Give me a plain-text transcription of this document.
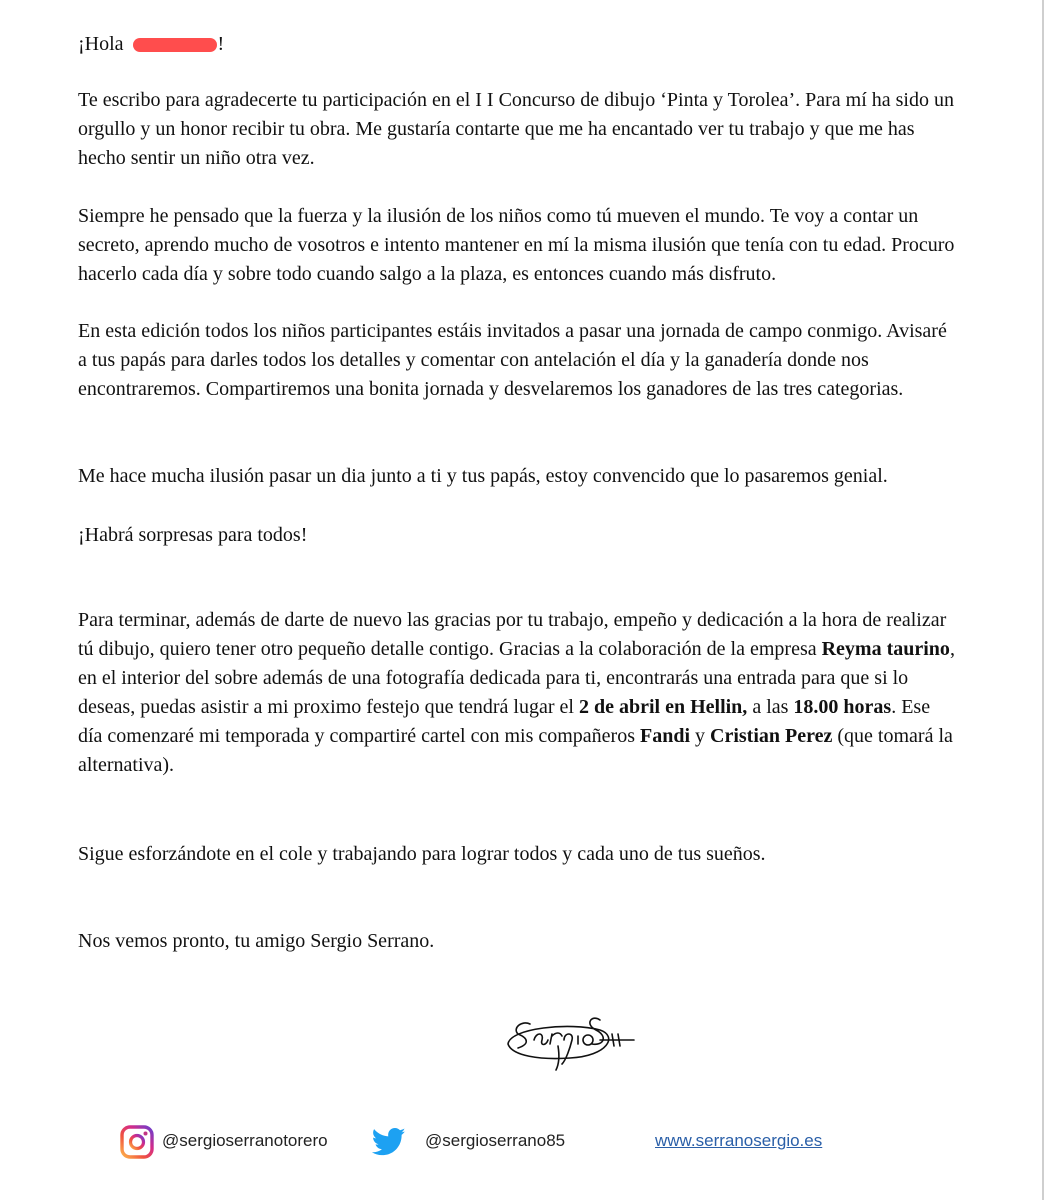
¡Hola	!

Te escribo para agradecerte tu participación en el I I Concurso de dibujo ‘Pinta y Torolea’. Para mí ha sido un orgullo y un honor recibir tu obra. Me gustaría contarte que me ha encantado ver tu trabajo y que me has hecho sentir un niño otra vez.

Siempre he pensado que la fuerza y la ilusión de los niños como tú mueven el mundo. Te voy a contar un secreto, aprendo mucho de vosotros e intento mantener en mí la misma ilusión que tenía con tu edad. Procuro hacerlo cada día y sobre todo cuando salgo a la plaza, es entonces cuando más disfruto.

En esta edición todos los niños participantes estáis invitados a pasar una jornada de campo conmigo. Avisaré a tus papás para darles todos los detalles y comentar con antelación el día y la ganadería donde nos encontraremos. Compartiremos una bonita jornada y desvelaremos los ganadores de las tres categorias.

Me hace mucha ilusión pasar un dia junto a ti y tus papás, estoy convencido que lo pasaremos genial.

¡Habrá sorpresas para todos!

Para terminar, además de darte de nuevo las gracias por tu trabajo, empeño y dedicación a la hora de realizar tú dibujo, quiero tener otro pequeño detalle contigo. Gracias a la colaboración de la empresa Reyma taurino, en el interior del sobre además de una fotografía dedicada para ti, encontrarás una entrada para que si lo deseas, puedas asistir a mi proximo festejo que tendrá lugar el 2 de abril en Hellin, a las 18.00 horas. Ese día comenzaré mi temporada y compartiré cartel con mis compañeros Fandi y Cristian Perez (que tomará la alternativa).

Sigue esforzándote en el cole y trabajando para lograr todos y cada uno de tus sueños.

Nos vemos pronto, tu amigo Sergio Serrano.

@sergioserranotorero	@sergioserrano85	www.serranosergio.es
